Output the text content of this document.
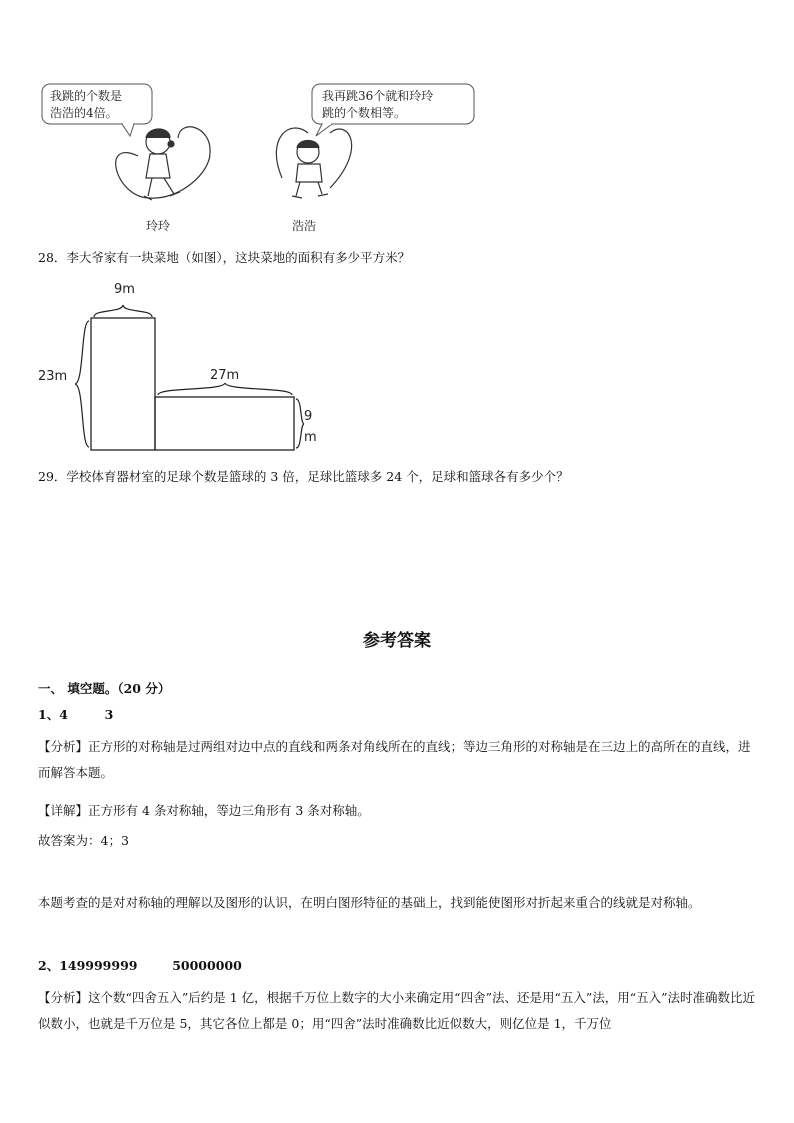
我跳的个数是
浩浩的4倍。
玲玲
我再跳36个就和玲玲
跳的个数相等。
浩浩
28．李大爷家有一块菜地（如图），这块菜地的面积有多少平方米？
9m
23m	27m
9
m
29．学校体育器材室的足球个数是篮球的 3 倍，足球比篮球多 24 个，足球和篮球各有多少个？
参考答案
一、 填空题。（20 分）
1、4	3
【分析】正方形的对称轴是过两组对边中点的直线和两条对角线所在的直线；等边三角形的对称轴是在三边上的高所在的直线，进而解答本题。
【详解】正方形有 4 条对称轴，等边三角形有 3 条对称轴。
故答案为：4；3
本题考查的是对对称轴的理解以及图形的认识，在明白图形特征的基础上，找到能使图形对折起来重合的线就是对称轴。
2、149999999	50000000
【分析】这个数“四舍五入”后约是 1 亿，根据千万位上数字的大小来确定用“四舍”法、还是用“五入”法，用“五入”法时准确数比近似数小，也就是千万位是 5，其它各位上都是 0；用“四舍”法时准确数比近似数大，则亿位是 1，千万位
